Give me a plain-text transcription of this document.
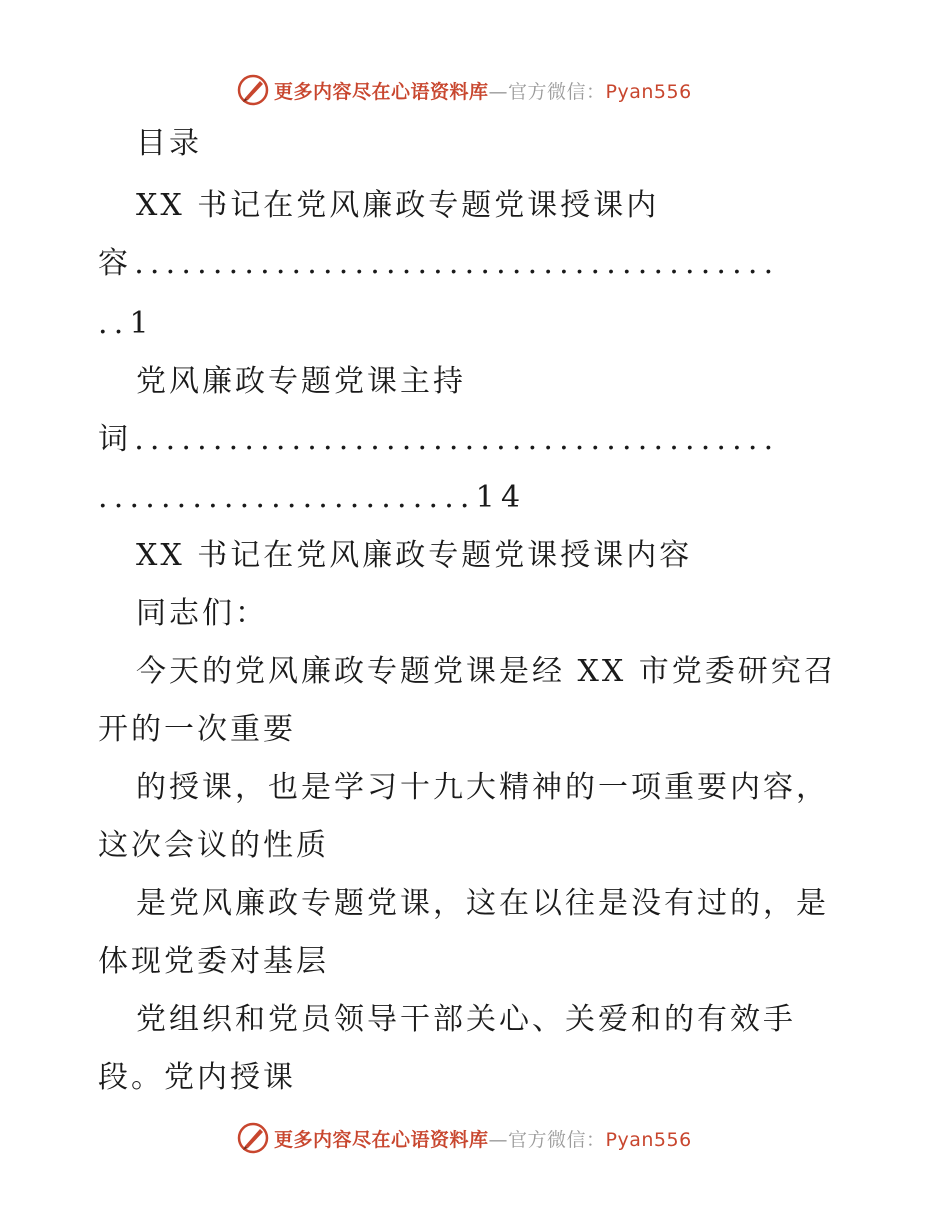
更多内容尽在心语资料库—官方微信：Pyan556
目录
XX 书记在党风廉政专题党课授课内
容.........................................
..1
党风廉政专题党课主持
词.........................................
........................14
XX 书记在党风廉政专题党课授课内容
同志们：
今天的党风廉政专题党课是经 XX 市党委研究召
开的一次重要
的授课，也是学习十九大精神的一项重要内容，
这次会议的性质
是党风廉政专题党课，这在以往是没有过的，是
体现党委对基层
党组织和党员领导干部关心、关爱和的有效手
段。党内授课
更多内容尽在心语资料库—官方微信：Pyan556
